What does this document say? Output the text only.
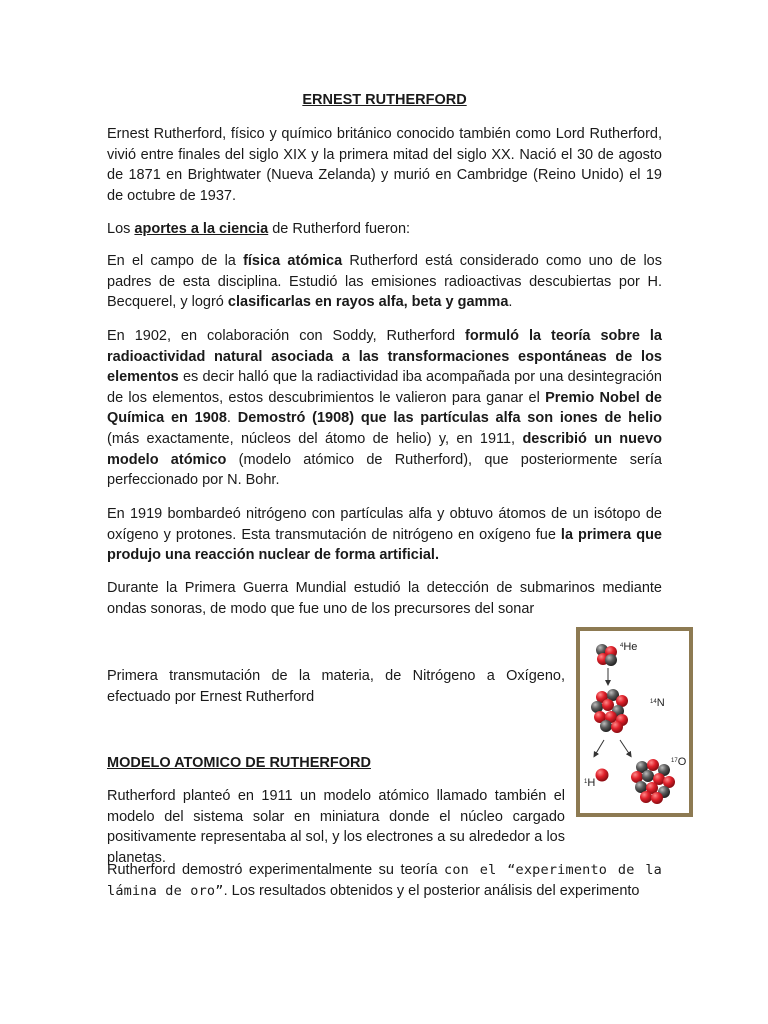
ERNEST RUTHERFORD

Ernest Rutherford, físico y químico británico conocido también como Lord Rutherford, vivió entre finales del siglo XIX y la primera mitad del siglo XX. Nació el 30 de agosto de 1871 en Brightwater (Nueva Zelanda) y murió en Cambridge (Reino Unido) el 19 de octubre de 1937.

Los aportes a la ciencia de Rutherford fueron:

En el campo de la física atómica Rutherford está considerado como uno de los padres de esta disciplina. Estudió las emisiones radioactivas descubiertas por H. Becquerel, y logró clasificarlas en rayos alfa, beta y gamma.

En 1902, en colaboración con Soddy, Rutherford formuló la teoría sobre la radioactividad natural asociada a las transformaciones espontáneas de los elementos es decir halló que la radiactividad iba acompañada por una desintegración de los elementos, estos descubrimientos le valieron para ganar el Premio Nobel de Química en 1908. Demostró (1908) que las partículas alfa son iones de helio (más exactamente, núcleos del átomo de helio) y, en 1911, describió un nuevo modelo atómico (modelo atómico de Rutherford), que posteriormente sería perfeccionado por N. Bohr.

En 1919 bombardeó nitrógeno con partículas alfa y obtuvo átomos de un isótopo de oxígeno y protones. Esta transmutación de nitrógeno en oxígeno fue la primera que produjo una reacción nuclear de forma artificial.

Durante la Primera Guerra Mundial estudió la detección de submarinos mediante ondas sonoras, de modo que fue uno de los precursores del sonar

Primera transmutación de la materia, de Nitrógeno a Oxígeno, efectuado por Ernest Rutherford

MODELO ATOMICO DE RUTHERFORD

Rutherford planteó en 1911 un modelo atómico llamado también el modelo del sistema solar en miniatura donde el núcleo cargado positivamente representaba al sol, y los electrones a su alrededor a los planetas.

Rutherford demostró experimentalmente su teoría con el “experimento de la lámina de oro”. Los resultados obtenidos y el posterior análisis del experimento

$^4$He
$^{14}$N
$^1$H
$^{17}$O
